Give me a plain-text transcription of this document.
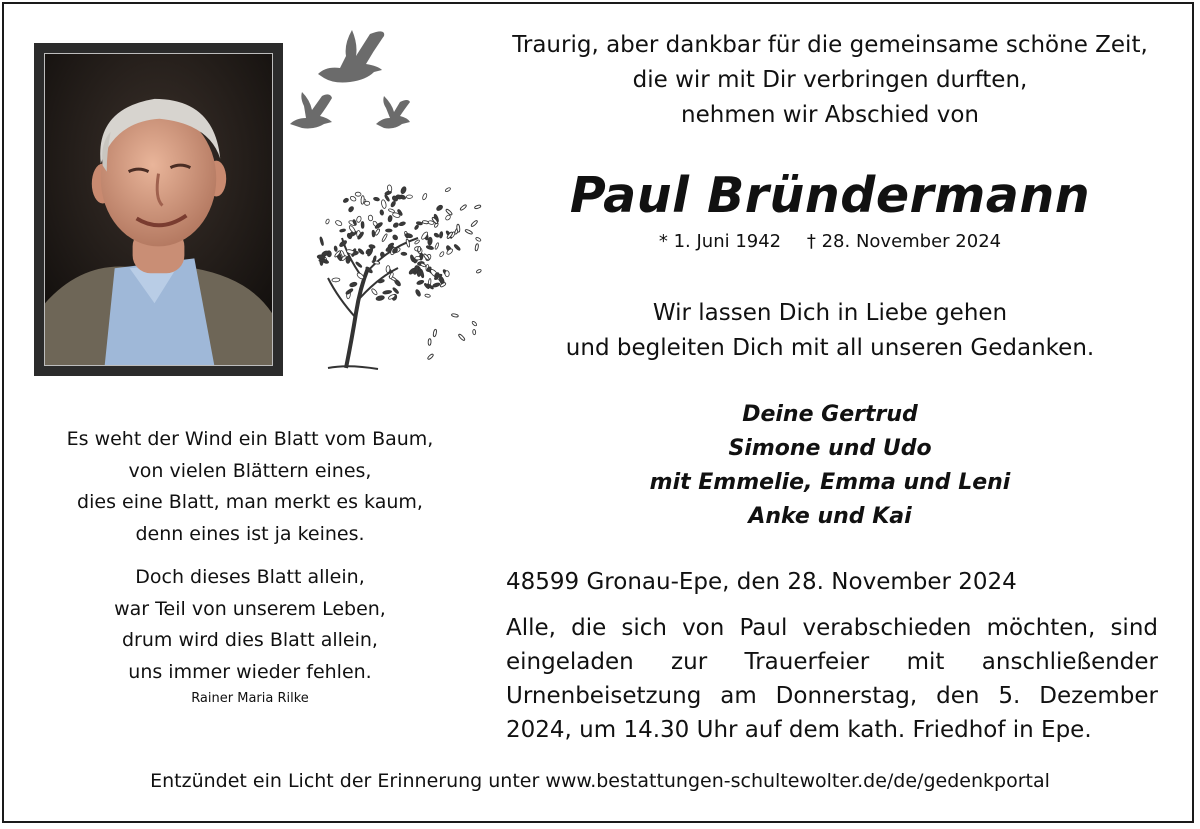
Traurig, aber dankbar für die gemeinsame schöne Zeit,
die wir mit Dir verbringen durften,
nehmen wir Abschied von
Paul Bründermann
* 1. Juni 1942 † 28. November 2024
Wir lassen Dich in Liebe gehen
und begleiten Dich mit all unseren Gedanken.
Deine Gertrud
Simone und Udo
mit Emmelie, Emma und Leni
Anke und Kai
48599 Gronau-Epe, den 28. November 2024
Alle, die sich von Paul verabschieden möchten, sind eingeladen zur Trauerfeier mit anschließender Urnenbeisetzung am Donnerstag, den 5. Dezember 2024, um 14.30 Uhr auf dem kath. Friedhof in Epe.

Es weht der Wind ein Blatt vom Baum,
von vielen Blättern eines,
dies eine Blatt, man merkt es kaum,
denn eines ist ja keines.

Doch dieses Blatt allein,
war Teil von unserem Leben,
drum wird dies Blatt allein,
uns immer wieder fehlen.

Rainer Maria Rilke
Entzündet ein Licht der Erinnerung unter www.bestattungen-schultewolter.de/de/gedenkportal
